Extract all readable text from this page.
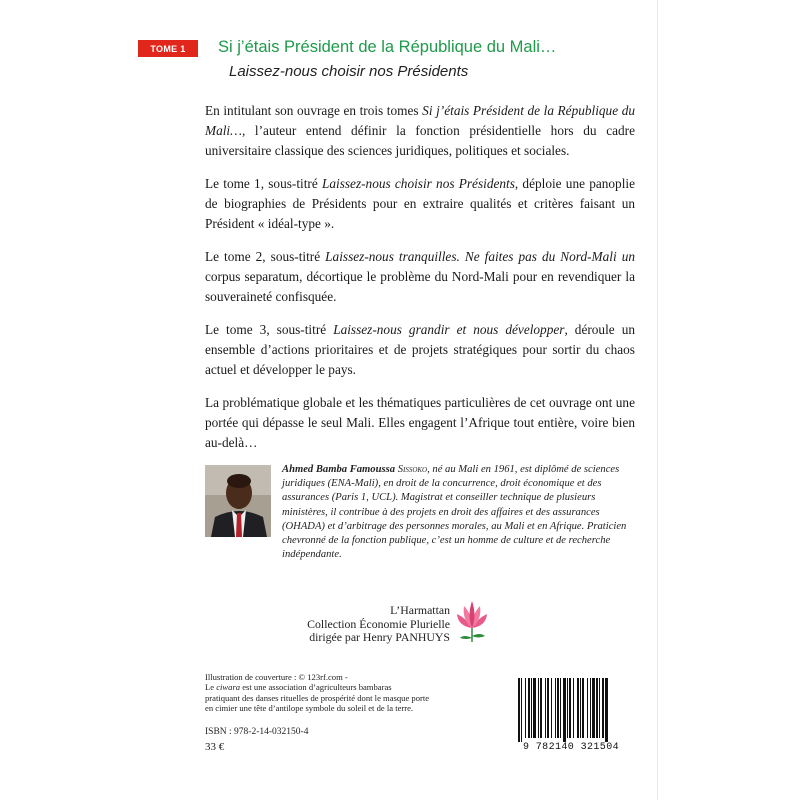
TOME 1	Si j’étais Président de la République du Mali…
Laissez-nous choisir nos Présidents

En intitulant son ouvrage en trois tomes Si j’étais Président de la République du Mali…, l’auteur entend définir la fonction présidentielle hors du cadre universitaire classique des sciences juridiques, politiques et sociales.

Le tome 1, sous-titré Laissez-nous choisir nos Présidents, déploie une panoplie de biographies de Présidents pour en extraire qualités et critères faisant un Président « idéal-type ».

Le tome 2, sous-titré Laissez-nous tranquilles. Ne faites pas du Nord-Mali un corpus separatum, décortique le problème du Nord-Mali pour en revendiquer la souveraineté confisquée.

Le tome 3, sous-titré Laissez-nous grandir et nous développer, déroule un ensemble d’actions prioritaires et de projets stratégiques pour sortir du chaos actuel et développer le pays.

La problématique globale et les thématiques particulières de cet ouvrage ont une portée qui dépasse le seul Mali. Elles engagent l’Afrique tout entière, voire bien au-delà…

Ahmed Bamba Famoussa Sissoko, né au Mali en 1961, est diplômé de sciences juridiques (ENA-Mali), en droit de la concurrence, droit économique et des assurances (Paris 1, UCL). Magistrat et conseiller technique de plusieurs ministères, il contribue à des projets en droit des affaires et des assurances (OHADA) et d’arbitrage des personnes morales, au Mali et en Afrique. Praticien chevronné de la fonction publique, c’est un homme de culture et de recherche indépendante.
L’Harmattan
Collection Économie Plurielle
dirigée par Henry PANHUYS
Illustration de couverture : © 123rf.com -
Le ciwara est une association d’agriculteurs bambaras
pratiquant des danses rituelles de prospérité dont le masque porte
en cimier une tête d’antilope symbole du soleil et de la terre.
ISBN : 978-2-14-032150-4
33 €	9 782140 321504
